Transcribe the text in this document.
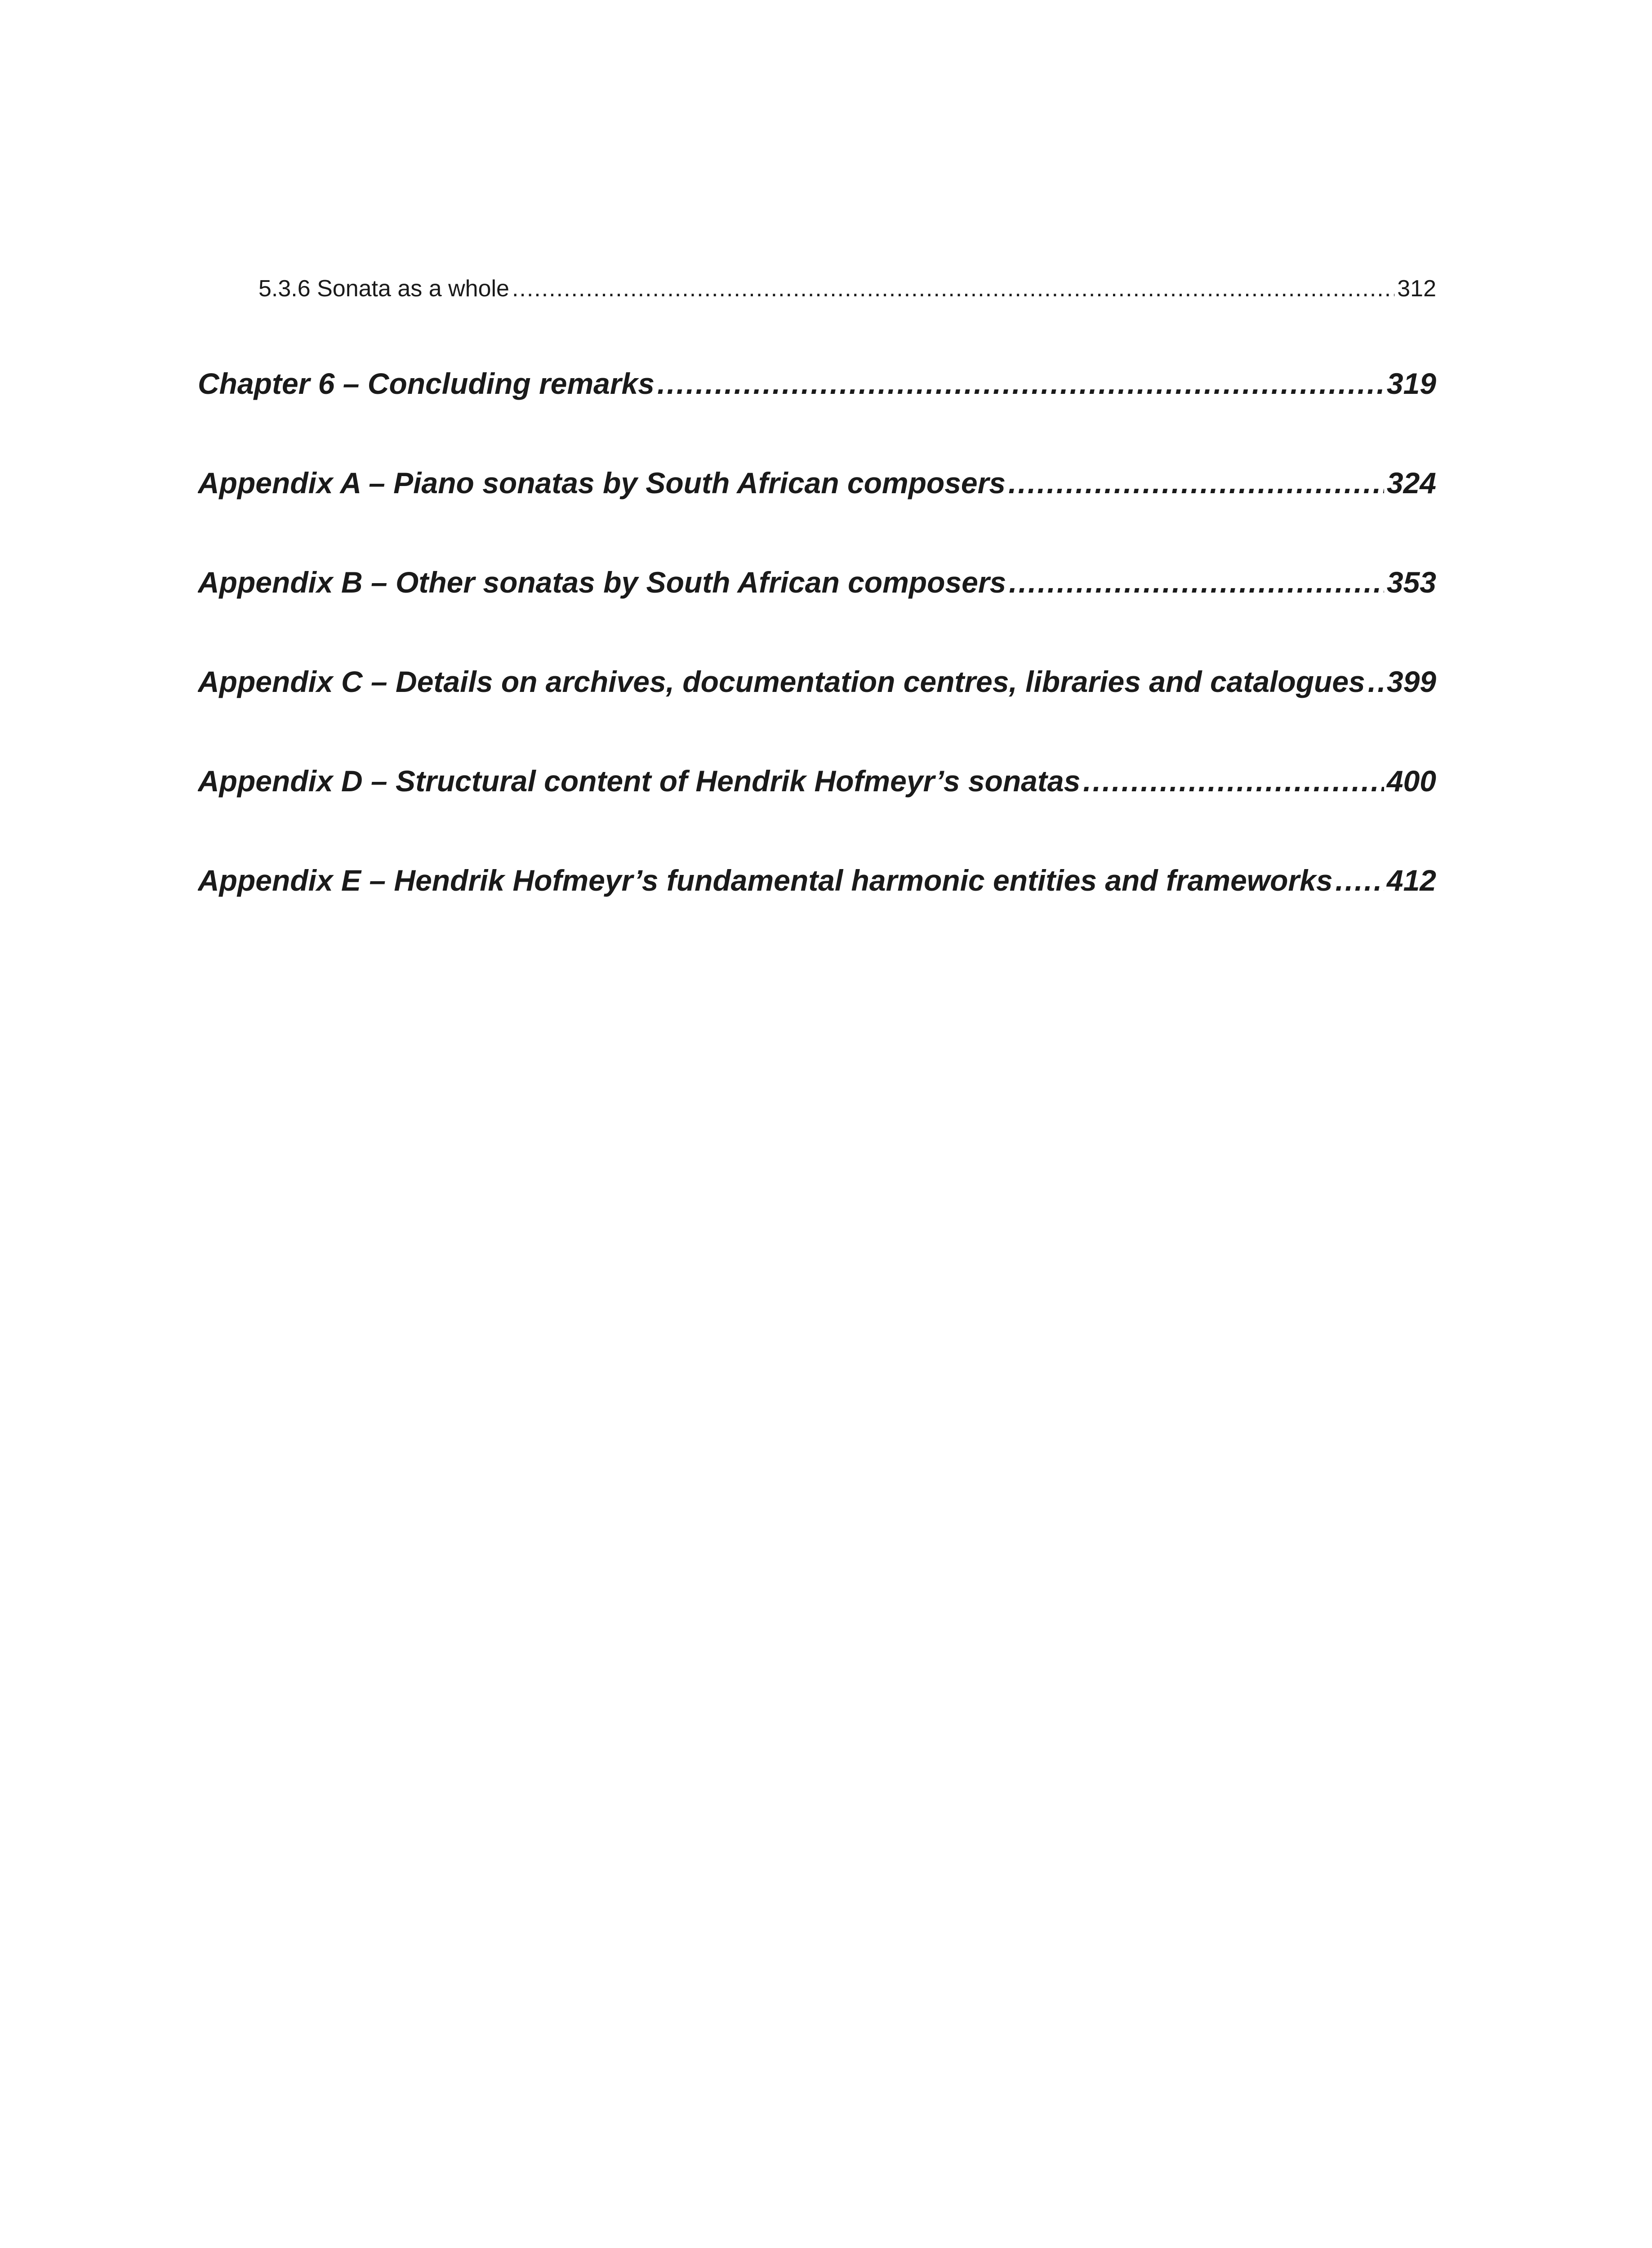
5.3.6 Sonata as a whole .....	312
Chapter 6 – Concluding remarks .....	319
Appendix A – Piano sonatas by South African composers .....	324
Appendix B – Other sonatas by South African composers .....	353
Appendix C – Details on archives, documentation centres, libraries and catalogues ..... 399
Appendix D – Structural content of Hendrik Hofmeyr’s sonatas .....	400
Appendix E – Hendrik Hofmeyr’s fundamental harmonic entities and frameworks ..... 412
